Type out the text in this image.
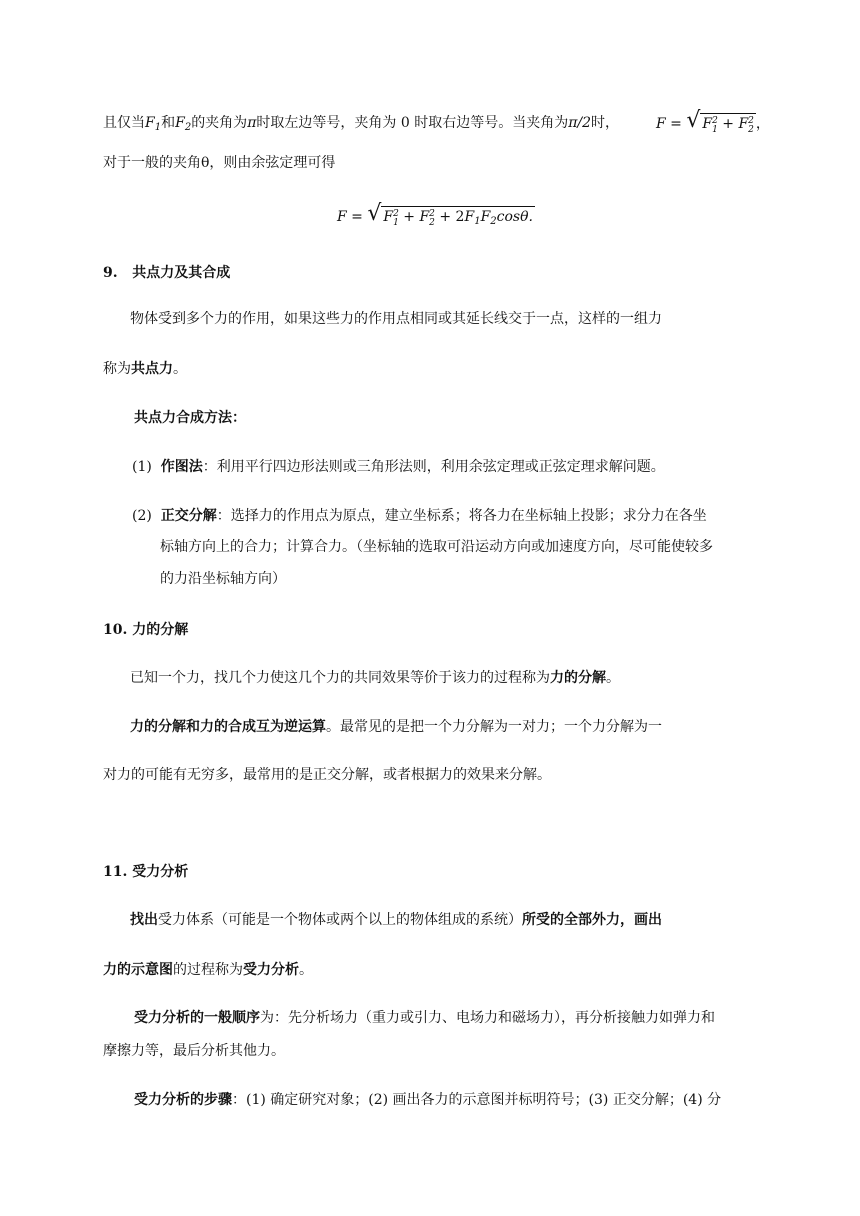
且仅当$F_1$和$F_2$的夹角为π时取左边等号，夹角为 0 时取右边等号。当夹角为π/2时，	F = √ F2
1 + F2
2 ，
对于一般的夹角θ，则由余弦定理可得
F = √ F2
1 + F2
$2 + 2F_1F_2\cos\theta$.
9. 共点力及其合成
物体受到多个力的作用，如果这些力的作用点相同或其延长线交于一点，这样的一组力
称为共点力。
共点力合成方法：
(1) 作图法：利用平行四边形法则或三角形法则，利用余弦定理或正弦定理求解问题。
(2) 正交分解：选择力的作用点为原点，建立坐标系；将各力在坐标轴上投影；求分力在各坐
标轴方向上的合力；计算合力。（坐标轴的选取可沿运动方向或加速度方向，尽可能使较多
的力沿坐标轴方向）
10. 力的分解
已知一个力，找几个力使这几个力的共同效果等价于该力的过程称为力的分解。
力的分解和力的合成互为逆运算。最常见的是把一个力分解为一对力；一个力分解为一
对力的可能有无穷多，最常用的是正交分解，或者根据力的效果来分解。
11. 受力分析
找出受力体系（可能是一个物体或两个以上的物体组成的系统）所受的全部外力，画出
力的示意图的过程称为受力分析。
受力分析的一般顺序为：先分析场力（重力或引力、电场力和磁场力），再分析接触力如弹力和
摩擦力等，最后分析其他力。
受力分析的步骤：(1) 确定研究对象；(2) 画出各力的示意图并标明符号；(3) 正交分解；(4) 分
